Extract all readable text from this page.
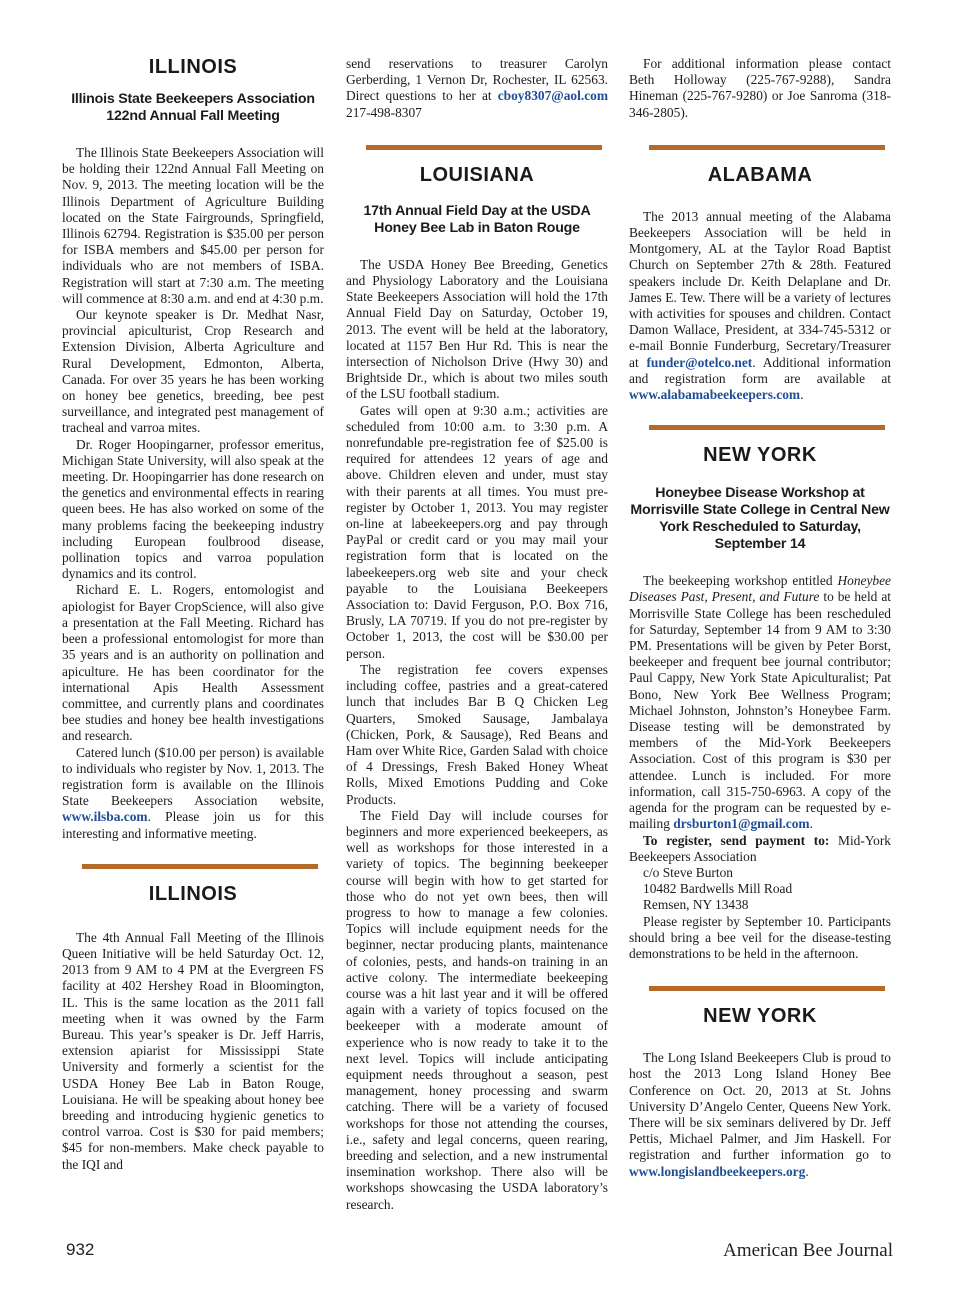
ILLINOIS
Illinois State Beekeepers Association 122nd Annual Fall Meeting

The Illinois State Beekeepers Association will be holding their 122nd Annual Fall Meeting on Nov. 9, 2013. The meeting location will be the Illinois Department of Agriculture Building located on the State Fairgrounds, Springfield, Illinois 62794. Registration is $35.00 per person for ISBA members and $45.00 per person for individuals who are not members of ISBA. Registration will start at 7:30 a.m. The meeting will commence at 8:30 a.m. and end at 4:30 p.m.

Our keynote speaker is Dr. Medhat Nasr, provincial apiculturist, Crop Research and Extension Division, Alberta Agriculture and Rural Development, Edmonton, Alberta, Canada. For over 35 years he has been working on honey bee genetics, breeding, bee pest surveillance, and integrated pest management of tracheal and varroa mites.

Dr. Roger Hoopingarner, professor emeritus, Michigan State University, will also speak at the meeting. Dr. Hoopingarrier has done research on the genetics and environmental effects in rearing queen bees. He has also worked on some of the many problems facing the beekeeping industry including European foulbrood disease, pollination topics and varroa population dynamics and its control.

Richard E. L. Rogers, entomologist and apiologist for Bayer CropScience, will also give a presentation at the Fall Meeting. Richard has been a professional entomologist for more than 35 years and is an authority on pollination and apiculture. He has been coordinator for the international Apis Health Assessment committee, and currently plans and coordinates bee studies and honey bee health investigations and research.

Catered lunch ($10.00 per person) is available to individuals who register by Nov. 1, 2013. The registration form is available on the Illinois State Beekeepers Association website, www.ilsba.com. Please join us for this interesting and informative meeting.

ILLINOIS

The 4th Annual Fall Meeting of the Illinois Queen Initiative will be held Saturday Oct. 12, 2013 from 9 AM to 4 PM at the Evergreen FS facility at 402 Hershey Road in Bloomington, IL. This is the same location as the 2011 fall meeting when it was owned by the Farm Bureau. This year’s speaker is Dr. Jeff Harris, extension apiarist for Mississippi State University and formerly a scientist for the USDA Honey Bee Lab in Baton Rouge, Louisiana. He will be speaking about honey bee breeding and introducing hygienic genetics to control varroa. Cost is $30 for paid members; $45 for non-members. Make check payable to the IQI and

send reservations to treasurer Carolyn Gerberding, 1 Vernon Dr, Rochester, IL 62563. Direct questions to her at cboy8307@aol.com 217-498-8307

LOUISIANA
17th Annual Field Day at the USDA Honey Bee Lab in Baton Rouge

The USDA Honey Bee Breeding, Genetics and Physiology Laboratory and the Louisiana State Beekeepers Association will hold the 17th Annual Field Day on Saturday, October 19, 2013. The event will be held at the laboratory, located at 1157 Ben Hur Rd. This is near the intersection of Nicholson Drive (Hwy 30) and Brightside Dr., which is about two miles south of the LSU football stadium.

Gates will open at 9:30 a.m.; activities are scheduled from 10:00 a.m. to 3:30 p.m. A nonrefundable pre-registration fee of $25.00 is required for attendees 12 years of age and above. Children eleven and under, must stay with their parents at all times. You must pre-register by October 1, 2013. You may register on-line at labeekeepers.org and pay through PayPal or credit card or you may mail your registration form that is located on the labeekeepers.org web site and your check payable to the Louisiana Beekeepers Association to: David Ferguson, P.O. Box 716, Brusly, LA 70719. If you do not pre-register by October 1, 2013, the cost will be $30.00 per person.

The registration fee covers expenses including coffee, pastries and a great-catered lunch that includes Bar B Q Chicken Leg Quarters, Smoked Sausage, Jambalaya (Chicken, Pork, & Sausage), Red Beans and Ham over White Rice, Garden Salad with choice of 4 Dressings, Fresh Baked Honey Wheat Rolls, Mixed Emotions Pudding and Coke Products.

The Field Day will include courses for beginners and more experienced beekeepers, as well as workshops for those interested in a variety of topics. The beginning beekeeper course will begin with how to get started for those who do not yet own bees, then will progress to how to manage a few colonies. Topics will include equipment needs for the beginner, nectar producing plants, maintenance of colonies, pests, and hands-on training in an active colony. The intermediate beekeeping course was a hit last year and it will be offered again with a variety of topics focused on the beekeeper with a moderate amount of experience who is now ready to take it to the next level. Topics will include anticipating equipment needs throughout a season, pest management, honey processing and swarm catching. There will be a variety of focused workshops for those not attending the courses, i.e., safety and legal concerns, queen rearing, breeding and selection, and a new instrumental insemination workshop. There also will be workshops showcasing the USDA laboratory’s research.

For additional information please contact Beth Holloway (225-767-9288), Sandra Hineman (225-767-9280) or Joe Sanroma (318-346-2805).

ALABAMA

The 2013 annual meeting of the Alabama Beekeepers Association will be held in Montgomery, AL at the Taylor Road Baptist Church on September 27th & 28th. Featured speakers include Dr. Keith Delaplane and Dr. James E. Tew. There will be a variety of lectures with activities for spouses and children. Contact Damon Wallace, President, at 334-745-5312 or e-mail Bonnie Funderburg, Secretary/Treasurer at funder@otelco.net. Additional information and registration form are available at www.alabamabeekeepers.com.

NEW YORK
Honeybee Disease Workshop at Morrisville State College in Central New York Rescheduled to Saturday, September 14

The beekeeping workshop entitled Honeybee Diseases Past, Present, and Future to be held at Morrisville State College has been rescheduled for Saturday, September 14 from 9 AM to 3:30 PM. Presentations will be given by Peter Borst, beekeeper and frequent bee journal contributor; Paul Cappy, New York State Apiculturalist; Pat Bono, New York Bee Wellness Program; Michael Johnston, Johnston’s Honeybee Farm. Disease testing will be demonstrated by members of the Mid-York Beekeepers Association. Cost of this program is $30 per attendee. Lunch is included. For more information, call 315-750-6963. A copy of the agenda for the program can be requested by e-mailing drsburton1@gmail.com.

To register, send payment to: Mid-York Beekeepers Association

c/o Steve Burton

10482 Bardwells Mill Road

Remsen, NY 13438

Please register by September 10. Participants should bring a bee veil for the disease-testing demonstrations to be held in the afternoon.

NEW YORK

The Long Island Beekeepers Club is proud to host the 2013 Long Island Honey Bee Conference on Oct. 20, 2013 at St. Johns University D’Angelo Center, Queens New York. There will be six seminars delivered by Dr. Jeff Pettis, Michael Palmer, and Jim Haskell. For registration and further information go to www.longislandbeekeepers.org.

932	American Bee Journal
